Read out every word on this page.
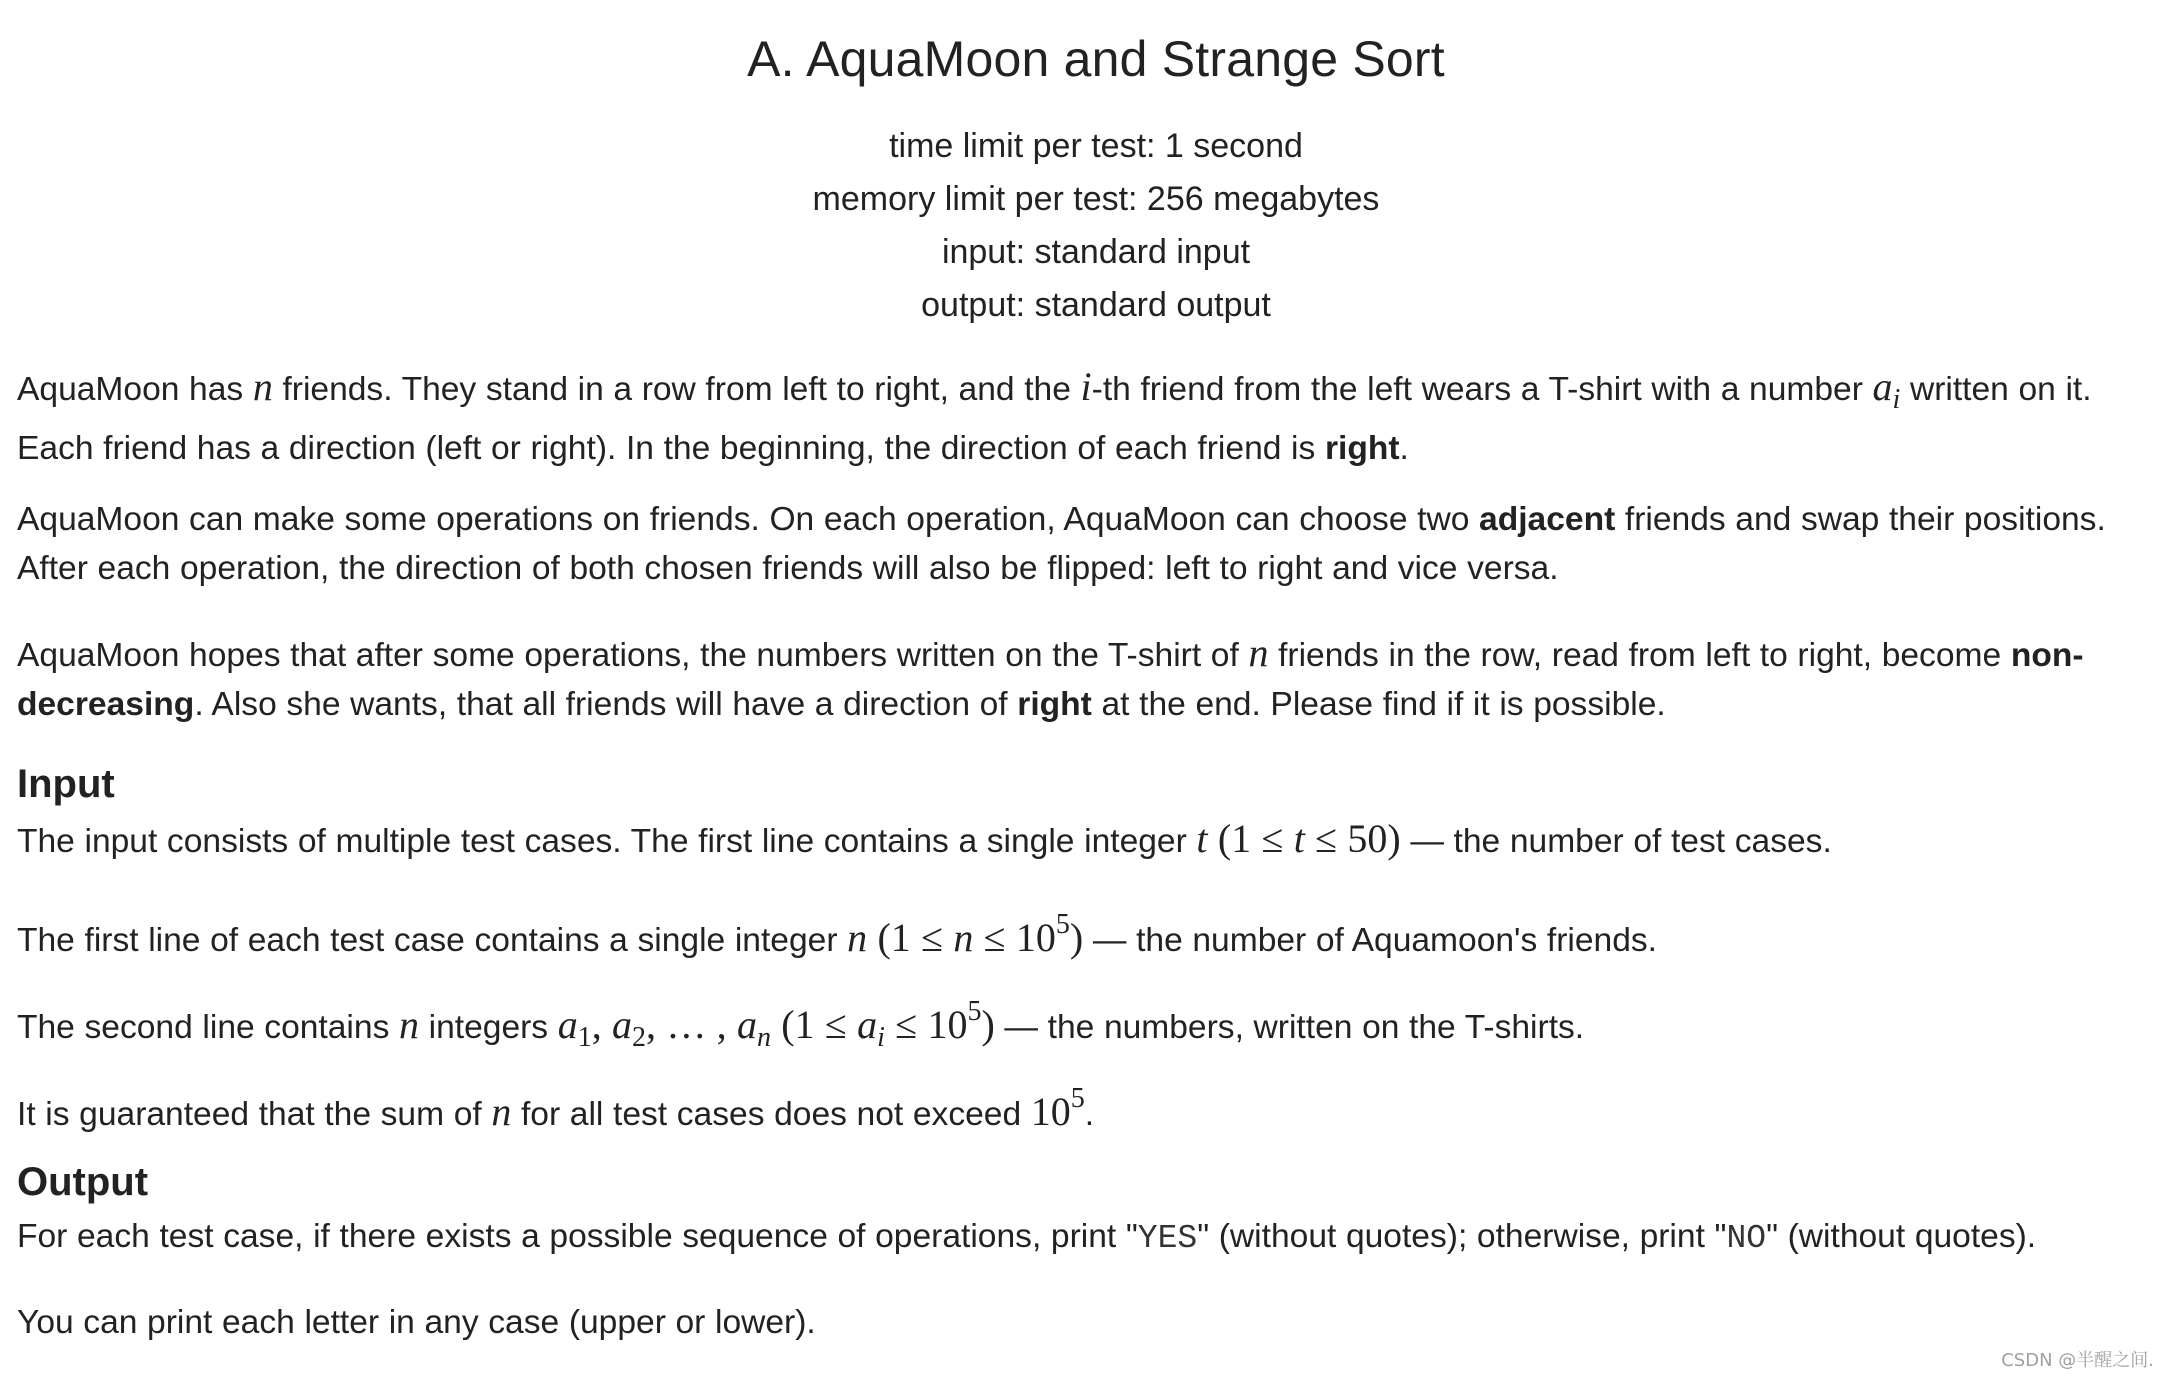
A. AquaMoon and Strange Sort
time limit per test: 1 second
memory limit per test: 256 megabytes
input: standard input
output: standard output
AquaMoon has n friends. They stand in a row from left to right, and the i-th friend from the left wears a T-shirt with a number $a_i$ written on it. Each friend has a direction (left or right). In the beginning, the direction of each friend is right.
AquaMoon can make some operations on friends. On each operation, AquaMoon can choose two adjacent friends and swap their positions. After each operation, the direction of both chosen friends will also be flipped: left to right and vice versa.
AquaMoon hopes that after some operations, the numbers written on the T-shirt of n friends in the row, read from left to right, become non-decreasing. Also she wants, that all friends will have a direction of right at the end. Please find if it is possible.
Input
The input consists of multiple test cases. The first line contains a single integer t (1 ≤ t ≤ 50) — the number of test cases.
The first line of each test case contains a single integer n $(1 \le n \le 10^5)$ — the number of Aquamoon's friends.
The second line contains n integers $a_1$, $a_2$, … , $a_n$ $(1 \le a_i \le 10^5)$ — the numbers, written on the T-shirts.
It is guaranteed that the sum of n for all test cases does not exceed $10^5$.
Output
For each test case, if there exists a possible sequence of operations, print "YES" (without quotes); otherwise, print "NO" (without quotes).
You can print each letter in any case (upper or lower).
CSDN @半醒之间.
